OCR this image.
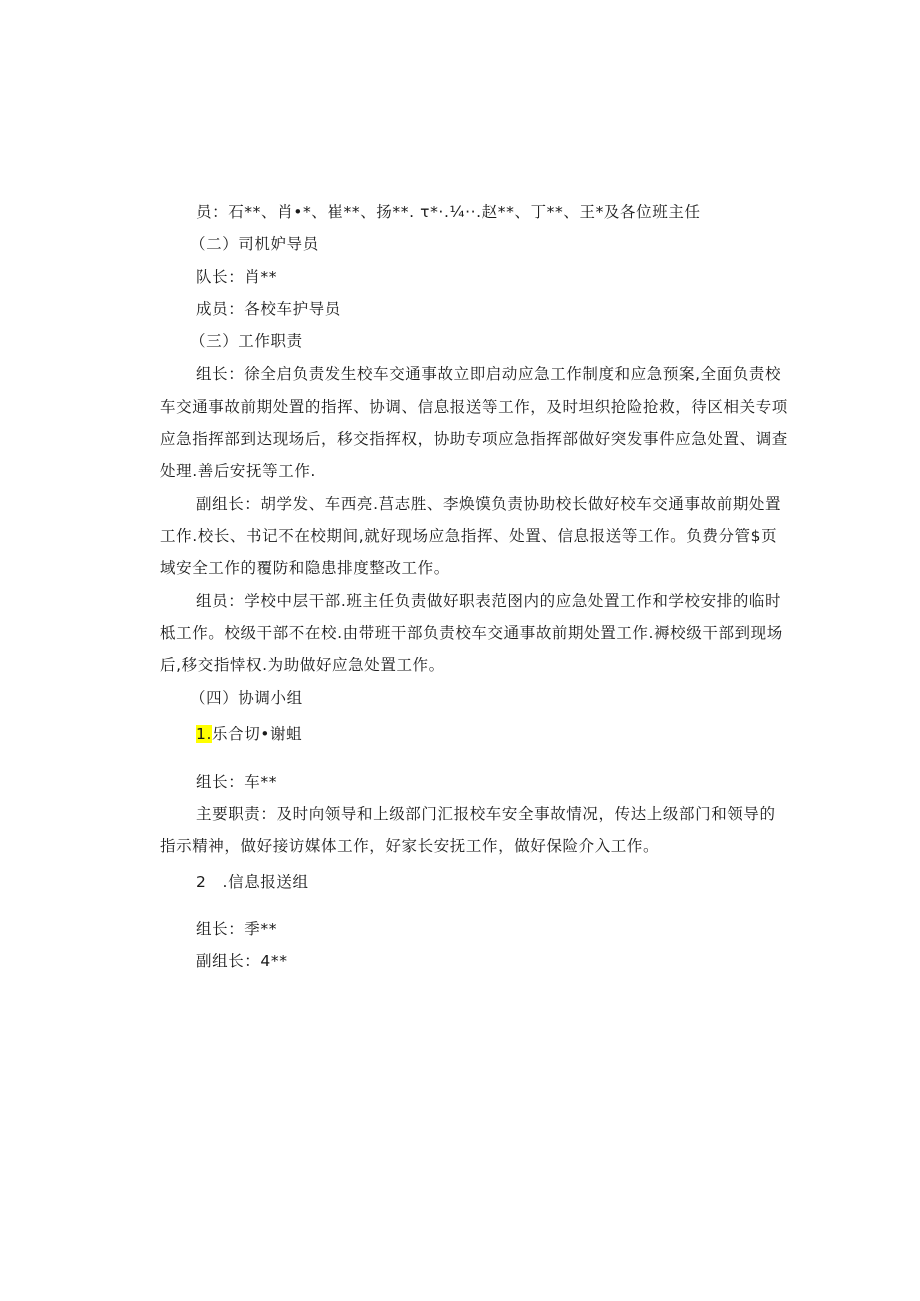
员：石**、肖•*、崔**、扬**. τ*·.¼··.赵**、丁**、王*及各位班主任
（二）司机妒导员
队长：肖**
成员：各校车护导员
（三）工作职责
组长：徐全启负责发生校车交通事故立即启动应急工作制度和应急预案,全面负责校
车交通事故前期处置的指挥、协调、信息报送等工作，及时坦织抢险抢救，待区相关专项
应急指挥部到达现场后，移交指挥权，协助专项应急指挥部做好突发事件应急处置、调查
处理.善后安抚等工作.
副组长：胡学发、车西亮.莒志胜、李焕馍负责协助校长做好校车交通事故前期处置
工作.校长、书记不在校期间,就好现场应急指挥、处置、信息报送等工作。负费分管$页
域安全工作的覆防和隐患排度整改工作。
组员：学校中层干部.班主任负责做好职表范囹内的应急处置工作和学校安排的临时
柢工作。校级干部不在校.由带班干部负责校车交通事故前期处置工作.褥校级干部到现场
后,移交指悻权.为助做好应急处置工作。
（四）协调小组
1.乐合切•谢蛆
组长：车**
主要职责：及时向领导和上级部门汇报校车安全事故情况，传达上级部门和领导的
指示精神，做好接访媒体工作，好家长安抚工作，做好保险介入工作。
2　.信息报送组
组长：季**
副组长：4**
